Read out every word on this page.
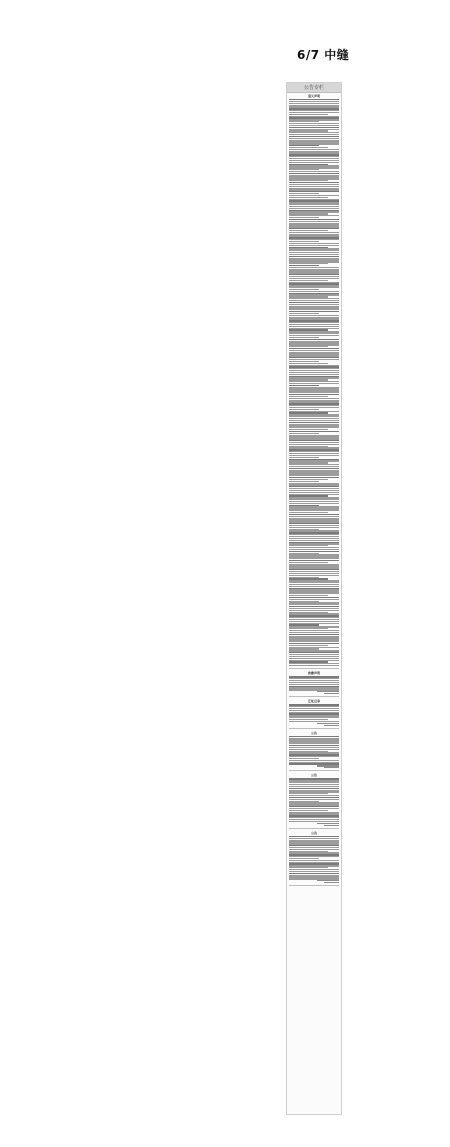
6/7 中缝
公告专栏
遗失声明
致歉声明
迁址启事
公告
公告
公告
